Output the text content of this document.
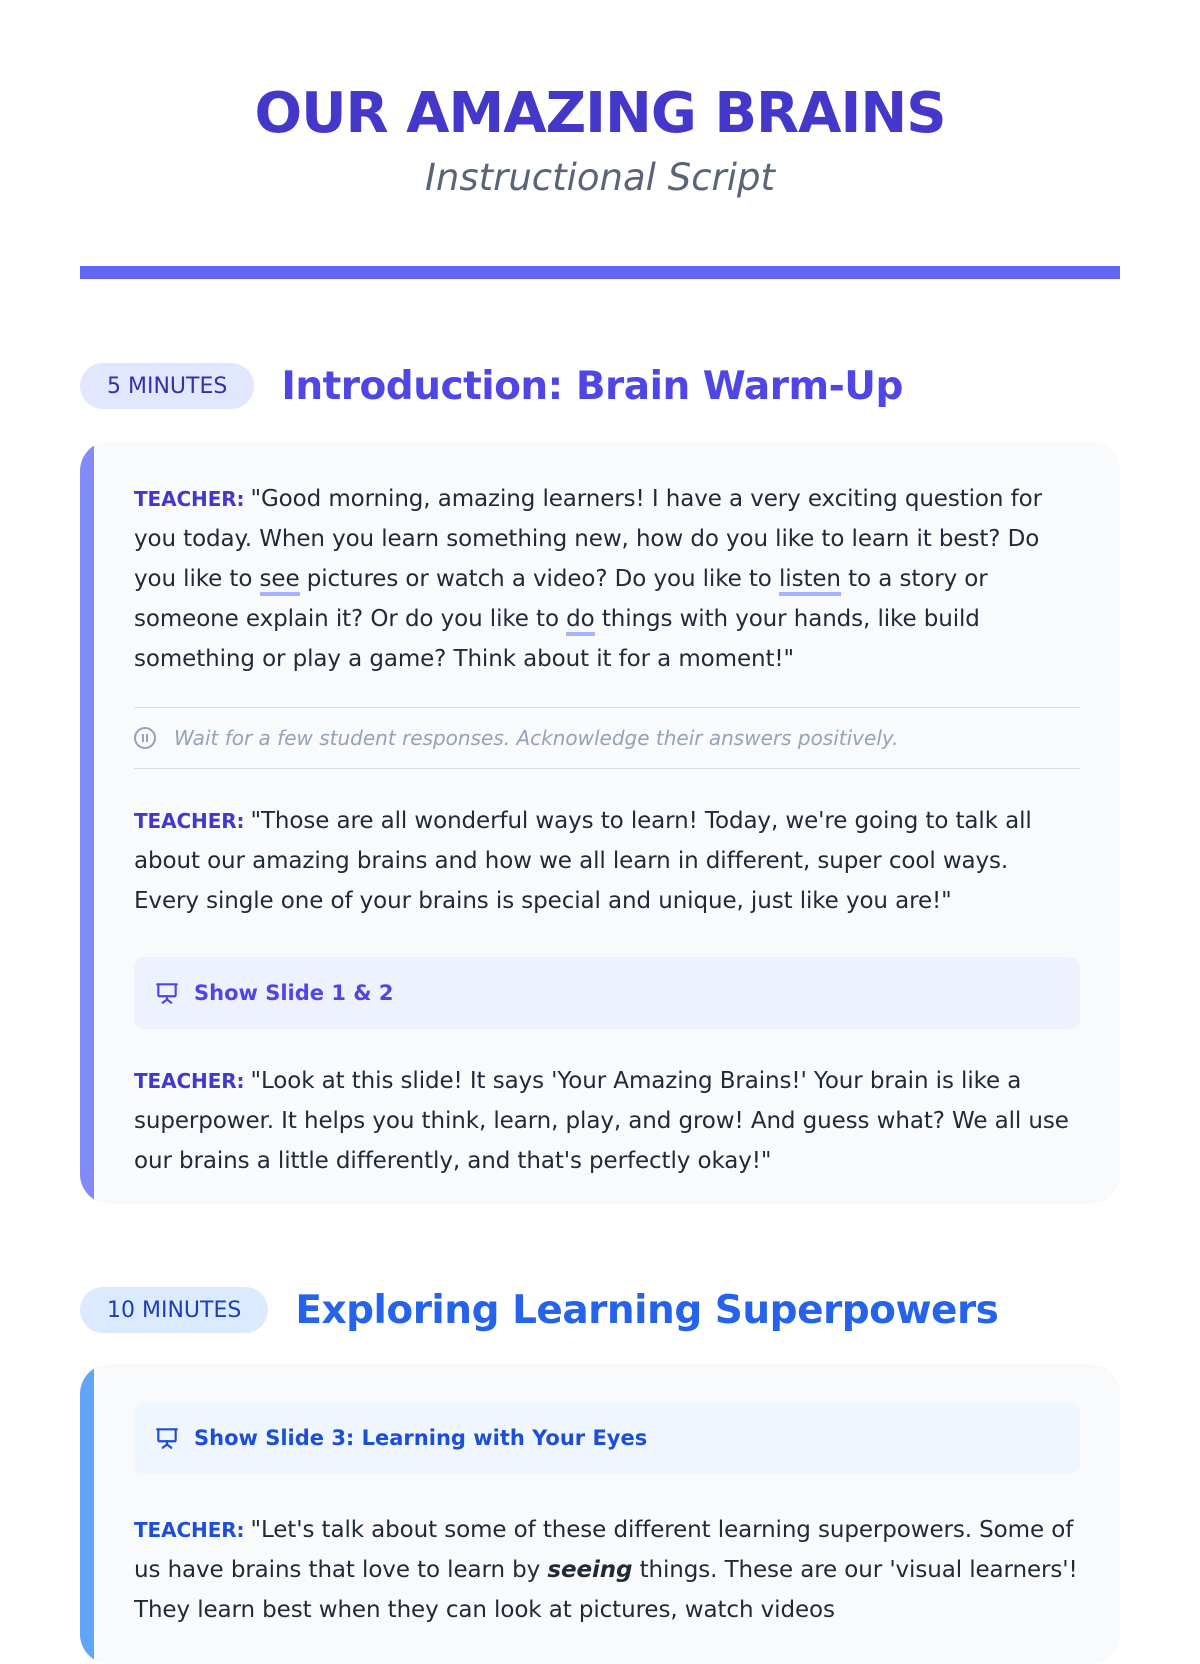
OUR AMAZING BRAINS

Instructional Script

5 MINUTES	Introduction: Brain Warm-Up

TEACHER: "Good morning, amazing learners! I have a very exciting question for you today. When you learn something new, how do you like to learn it best? Do you like to see pictures or watch a video? Do you like to listen to a story or someone explain it? Or do you like to do things with your hands, like build something or play a game? Think about it for a moment!"

Wait for a few student responses. Acknowledge their answers positively.

TEACHER: "Those are all wonderful ways to learn! Today, we're going to talk all about our amazing brains and how we all learn in different, super cool ways. Every single one of your brains is special and unique, just like you are!"

Show Slide 1 & 2

TEACHER: "Look at this slide! It says 'Your Amazing Brains!' Your brain is like a superpower. It helps you think, learn, play, and grow! And guess what? We all use our brains a little differently, and that's perfectly okay!"

10 MINUTES	Exploring Learning Superpowers
Show Slide 3: Learning with Your Eyes

TEACHER: "Let's talk about some of these different learning superpowers. Some of us have brains that love to learn by seeing things. These are our 'visual learners'! They learn best when they can look at pictures, watch videos
